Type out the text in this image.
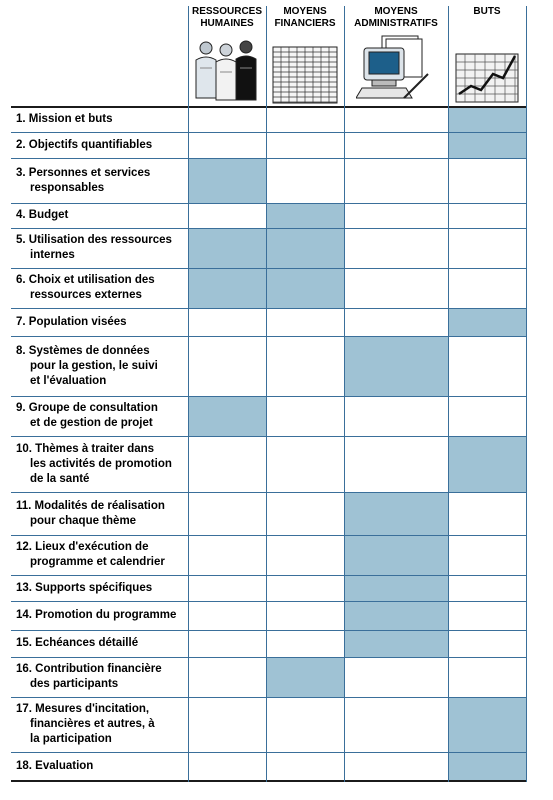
RESSOURCES
HUMAINES
MOYENS
FINANCIERS
MOYENS
ADMINISTRATIFS
BUTS
1. Mission et buts
2. Objectifs quantifiables
3. Personnes et services
responsables
4. Budget
5. Utilisation des ressources
internes
6. Choix et utilisation des
ressources externes
7. Population visées
8. Systèmes de données
pour la gestion, le suivi
et l'évaluation
9. Groupe de consultation
et de gestion de projet
10. Thèmes à traiter dans
les activités de promotion
de la santé
11. Modalités de réalisation
pour chaque thème
12. Lieux d'exécution de
programme et calendrier
13. Supports spécifiques
14. Promotion du programme
15. Echéances détaillé
16. Contribution financière
des participants
17. Mesures d'incitation,
financières et autres, à
la participation
18. Evaluation
